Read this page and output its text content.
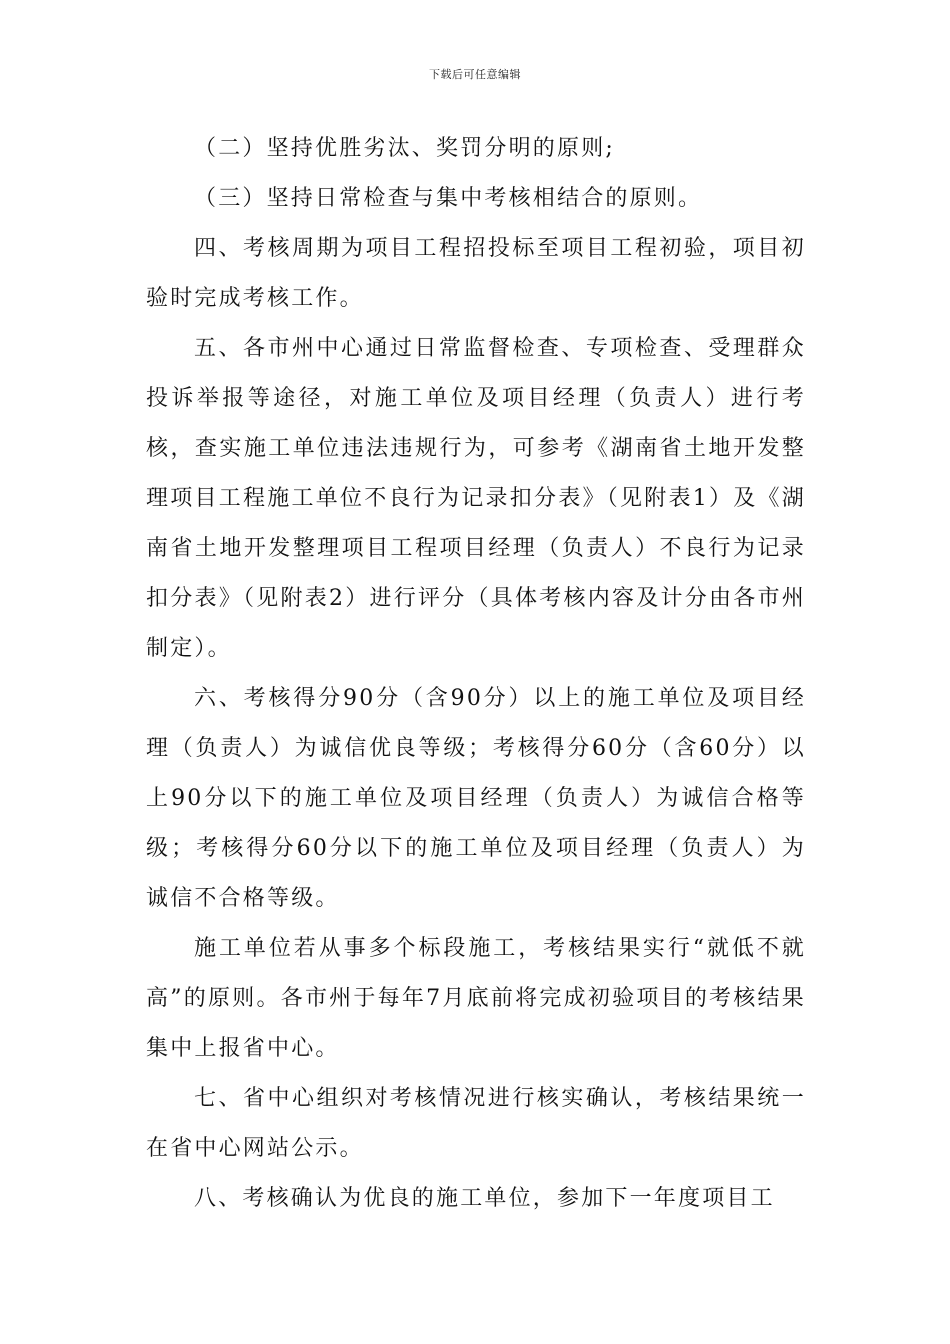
下载后可任意编辑

（二）坚持优胜劣汰、奖罚分明的原则;

（三）坚持日常检查与集中考核相结合的原则。

四、考核周期为项目工程招投标至项目工程初验，项目初验时完成考核工作。

五、各市州中心通过日常监督检查、专项检查、受理群众投诉举报等途径，对施工单位及项目经理（负责人）进行考核，查实施工单位违法违规行为，可参考《湖南省土地开发整理项目工程施工单位不良行为记录扣分表》（见附表1）及《湖南省土地开发整理项目工程项目经理（负责人）不良行为记录扣分表》（见附表2）进行评分（具体考核内容及计分由各市州制定）。

六、考核得分90分（含90分）以上的施工单位及项目经理（负责人）为诚信优良等级；考核得分60分（含60分）以上90分以下的施工单位及项目经理（负责人）为诚信合格等级；考核得分60分以下的施工单位及项目经理（负责人）为诚信不合格等级。

施工单位若从事多个标段施工，考核结果实行“就低不就高”的原则。各市州于每年7月底前将完成初验项目的考核结果集中上报省中心。

七、省中心组织对考核情况进行核实确认，考核结果统一在省中心网站公示。

八、考核确认为优良的施工单位，参加下一年度项目工
